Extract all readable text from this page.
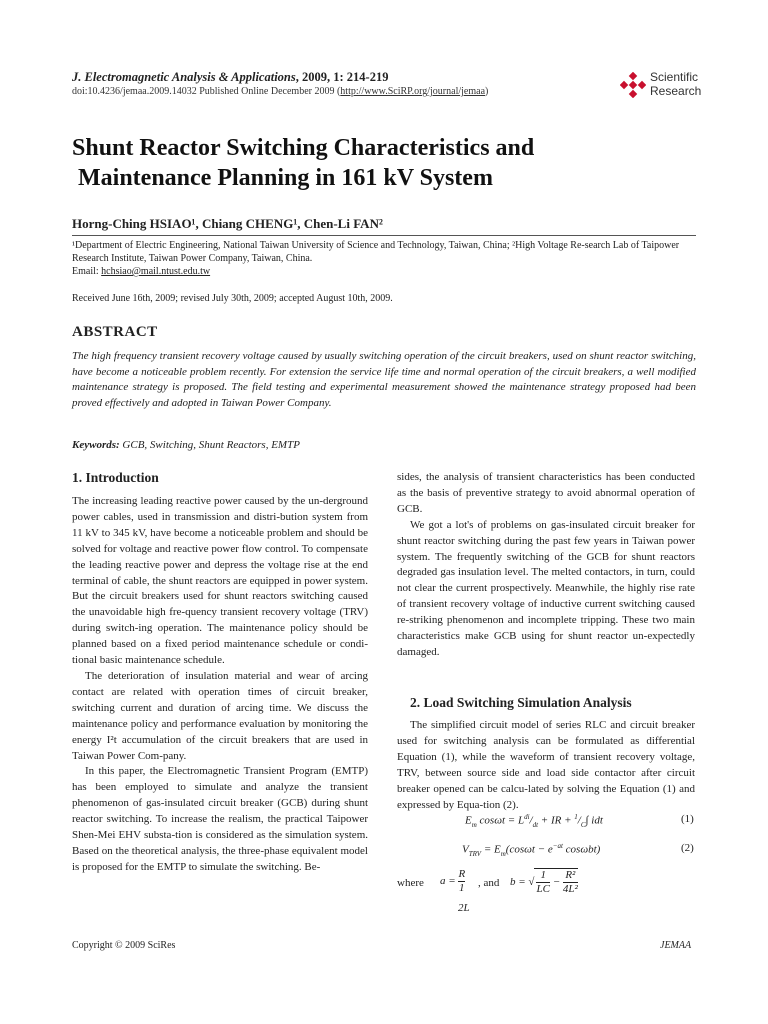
J. Electromagnetic Analysis & Applications, 2009, 1: 214-219
doi:10.4236/jemaa.2009.14032 Published Online December 2009 (http://www.SciRP.org/journal/jemaa)
Scientific
Research
Shunt Reactor Switching Characteristics and
Maintenance Planning in 161 kV System
Horng-Ching HSIAO¹, Chiang CHENG¹, Chen-Li FAN²
¹Department of Electric Engineering, National Taiwan University of Science and Technology, Taiwan, China; ²High Voltage Re-search Lab of Taipower Research Institute, Taiwan Power Company, Taiwan, China.
Email: hchsiao@mail.ntust.edu.tw
Received June 16th, 2009; revised July 30th, 2009; accepted August 10th, 2009.
ABSTRACT
The high frequency transient recovery voltage caused by usually switching operation of the circuit breakers, used on shunt reactor switching, have become a noticeable problem recently. For extension the service life time and normal operation of the circuit breakers, a well modified maintenance strategy is proposed. The field testing and experimental measurement showed the maintenance strategy proposed had been proved effectively and adopted in Taiwan Power Company.
Keywords: GCB, Switching, Shunt Reactors, EMTP
1. Introduction

The increasing leading reactive power caused by the un-derground power cables, used in transmission and distri-bution system from 11 kV to 345 kV, have become a noticeable problem and should be solved for voltage and reactive power flow control. To compensate the leading reactive power and depress the voltage rise at the end terminal of cable, the shunt reactors are equipped in power system. But the circuit breakers used for shunt reactors switching caused the unavoidable high fre-quency transient recovery voltage (TRV) during switch-ing operation. The maintenance policy should be planned based on a fixed period maintenance schedule or condi-tional basic maintenance schedule.

The deterioration of insulation material and wear of arcing contact are related with operation times of circuit breaker, switching current and duration of arcing time. We discuss the maintenance policy and performance evaluation by monitoring the energy I²t accumulation of the circuit breakers that are used in Taiwan Power Com-pany.

In this paper, the Electromagnetic Transient Program (EMTP) has been employed to simulate and analyze the transient phenomenon of gas-insulated circuit breaker (GCB) during shunt reactor switching. To increase the realism, the practical Taipower Shen-Mei EHV substa-tion is considered as the simulation system. Based on the theoretical analysis, the three-phase equivalent model is proposed for the EMTP to simulate the switching. Be-

sides, the analysis of transient characteristics has been conducted as the basis of preventive strategy to avoid abnormal operation of GCB.

We got a lot's of problems on gas-insulated circuit breaker for shunt reactor switching during the past few years in Taiwan power system. The frequently switching of the GCB for shunt reactors degraded gas insulation level. The melted contactors, in turn, could not clear the current prospectively. Meanwhile, the highly rise rate of transient recovery voltage of inductive current switching caused re-striking phenomenon and incomplete tripping. These two main characteristics make GCB using for shunt reactor un-expectedly damaged.

2. Load Switching Simulation Analysis

The simplified circuit model of series RLC and circuit breaker used for switching analysis can be formulated as differential Equation (1), while the waveform of transient recovery voltage, TRV, between source side and load side contactor after circuit breaker opened can be calcu-lated by solving the Equation (1) and expressed by Equa-tion (2).

$E_m$ $\cos\omega t = L^{di}/_{dt}$ + IR + $^1/_C\int$ idt	(1)
$V_{TRV} = E_m(\cos\omega t - e^{-at}$ cosωbt)	(2)
where $a = \frac{R}{1}$ , and b = √ $\frac{1}{LC} - \frac{\text{R²}}{\text{4L²}}$
2L
Copyright © 2009 SciRes	JEMAA
